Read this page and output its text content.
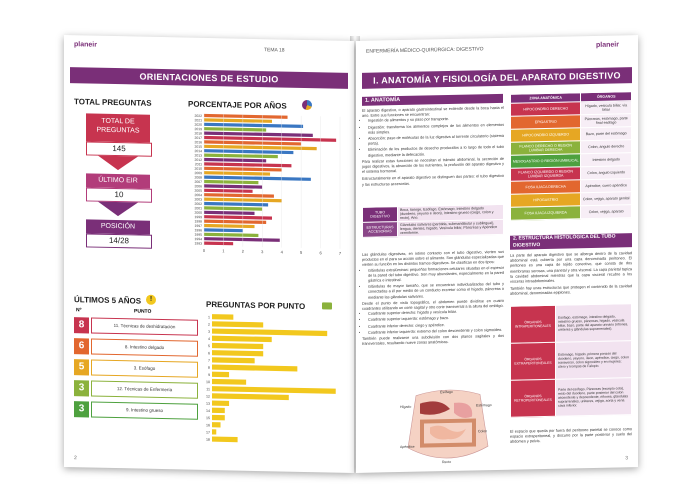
planeir
TEMA 18
ORIENTACIONES DE ESTUDIO
TOTAL PREGUNTAS	PORCENTAJE POR AÑOS
TOTAL DE PREGUNTAS
145
ÚLTIMO EIR
10
POSICIÓN
14/28
2022
2021
2020
2019
2018
2017
2016
2015
2014
2013
2012
2011
2010
2009
2008
2007
2006
2005
2004
2003
2002
2001
2000
1999
1998
1997
1996
1995
1994
1993
0	1	2	3	4	5	6	7
ÚLTIMOS 5 AÑOS	!
Nº	PUNTO
8	11. Técnicas de deshidratación
6	8. Intestino delgado
5	3. Esófago
3	12. Técnicas de Enfermería
3	9. Intestino grueso
PREGUNTAS POR PUNTO
1
2
3
4
5
6
7
8
9
10
11
12
13
14
15
16
17
18
2
ENFERMERÍA MÉDICO-QUIRÚRGICA: DIGESTIVO
planeir
I. ANATOMÍA Y FISIOLOGÍA DEL APARATO DIGESTIVO
1. ANATOMÍA
El aparato digestivo, o aparato gastrointestinal se extiende desde la boca hasta el ano. Entre sus funciones se encuentran:
• Ingestión de alimentos y su paso por transporte.
• Digestión: transforma los alimentos complejos de los alimentos en elementos más simples.
• Absorción: paso de moléculas de la luz digestiva al torrente circulatorio (sistema porta).
• Eliminación de los productos de desecho producidos a lo largo de todo el tubo digestivo, mediante la defecación.
Para realizar estas funciones se necesitan el tránsito abdominal, la secreción de jugos digestivos, la absorción de los nutrientes, la profusión del aparato digestivo y el sistema hormonal.
Estructuralmente en el aparato digestivo se distinguen dos partes: el tubo digestivo y las estructuras accesorias.
TUBO DIGESTIVO	Boca, faringe, Esófago, Estómago, Intestino delgado (duodeno, yeyuno e íleon), Intestino grueso (ciego, colon y recto), Ano.
ESTRUCTURAS ACCESORIAS	Glándulas salivares (parótida, submandibular y sublingual), lengua, dientes, hígado, Vesícula biliar, Páncreas y Apéndice vermiforme.
Las glándulas digestivas, en íntimo contacto con el tubo digestivo, vierten sus productos en el para su acción sobre el alimento. Son glándulas especializadas que vierten su función en los distintos tramos digestivos. Se clasifican en dos tipos:
• Glándulas extralúminas: pequeñas formaciones celulares situadas en el espesor de la pared del tubo digestivo. Son muy abundantes, especialmente en la pared gástrica e intestinal.
• Glándulas de mayor tamaño, que se encuentran individualizadas del tubo y conectadas a él por medio de un conducto excretor como el hígado, páncreas o mediante las glándulas salivares.
Desde el punto de vista topográfico, el abdomen puede dividirse en cuatro cuadrantes utilizando un corte sagital y otro corte transversal a la altura del ombligo.
• Cuadrante superior derecho: hígado y vesícula biliar.
• Cuadrante superior izquierdo: estómago y bazo.
• Cuadrante inferior derecho: ciego y apéndice.
• Cuadrante inferior izquierdo: extremo del colon descendente y colon sigmoideo.
También puede realizarse una subdivisión con dos planos sagitales y dos transversales, resultando nueve zonas anatómicas.
Esófago
Hígado	Estómago
Colon
Apéndice
Recto
ZONA ANATÓMICA	ÓRGANOS
HIPOCONDRIO DERECHO	Hígado, vesícula biliar, vía biliar
EPIGASTRIO	Páncreas, estómago, parte final esófago
HIPOCONDRIO IZQUIERDO	Bazo, parte del estómago
FLANCO DERECHO O REGIÓN LUMBAR DERECHA	Colon, ángulo derecho
MESOGASTRIO O REGIÓN UMBILICAL	Intestino delgado
FLANCO IZQUIERDO O REGIÓN LUMBAR IZQUIERDA	Colon, ángulo izquierdo
FOSA ILÍACA DERECHA	Apéndice, cuero apéndice
HIPOGASTRIO	Colon, vejiga, aparato genital
FOSA ILÍACA IZQUIERDA	Colon, vejiga, aparato
2. ESTRUCTURA HISTOLÓGICA DEL TUBO DIGESTIVO
La parte del aparato digestivo que se alberga dentro de la cavidad abdominal está cubierta por una capa denominada peritoneo. El peritoneo es una capa de tejido conectivo, que consta de dos membranas serosas, una parietal y otra visceral. La capa parietal tapiza la cavidad abdominal mientras que la capa visceral recubre a los vísceras intraabdominales.
También hay unas estructuras que protegen el contenido de la cavidad abdominal, denominadas epiplones.
ÓRGANOS INTRAPERITONEALES	Esófago, estómago, intestino delgado, intestino grueso, páncreas, hígado, vesícula biliar, bazo, parte del aparato urinario (riñones, uréteres y glándulas suprarrenales).
ÓRGANOS EXTRAPERITONEALES	Estómago, hígado, primera porción del duodeno, yeyuno, íleon, apéndice, ciego, colon transverso, colon sigmoideo y en mujeres: útero y trompas de Falopio.
ÓRGANOS RETROPERITONEALES	Parte del esófago, Páncreas (excepto cola), resto del duodeno, parte posterior del colon ascendente y descendente, riñones, glándulas suprarrenales, uréteres, vejiga, aorta y vena cava inferior.
El espacio que queda por fuera del peritoneo parietal se conoce como espacio extraperitoneal, y discurre por la parte posterior y suelo del abdomen y pelvis.
3
